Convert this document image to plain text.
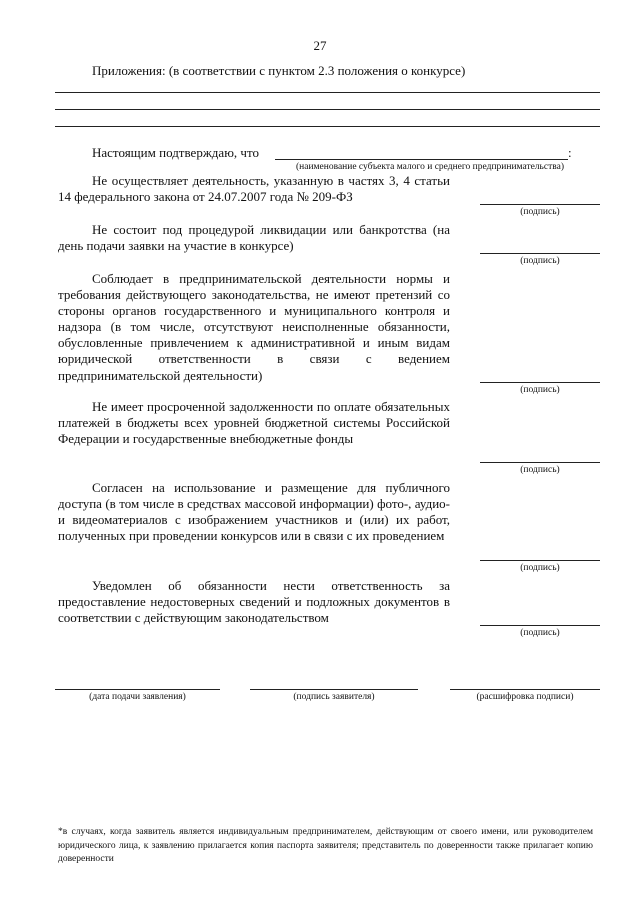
27
Приложения: (в соответствии с пунктом 2.3 положения о конкурсе)
Настоящим подтверждаю, что	:
(наименование субъекта малого и среднего предпринимательства)
Не осуществляет деятельность, указанную в частях 3, 4 статьи 14 федерального закона от 24.07.2007 года № 209-ФЗ
(подпись)
Не состоит под процедурой ликвидации или банкротства (на день подачи заявки на участие в конкурсе)
(подпись)
Соблюдает в предпринимательской деятельности нормы и требования действующего законодательства, не имеют претензий со стороны органов государственного и муниципального контроля и надзора (в том числе, отсутствуют неисполненные обязанности, обусловленные привлечением к административной и иным видам юридической ответственности в связи с ведением предпринимательской деятельности)
(подпись)
Не имеет просроченной задолженности по оплате обязательных платежей в бюджеты всех уровней бюджетной системы Российской Федерации и государственные внебюджетные фонды
(подпись)
Согласен на использование и размещение для публичного доступа (в том числе в средствах массовой информации) фото-, аудио- и видеоматериалов с изображением участников и (или) их работ, полученных при проведении конкурсов или в связи с их проведением
(подпись)
Уведомлен об обязанности нести ответственность за предоставление недостоверных сведений и подложных документов в соответствии с действующим законодательством
(подпись)
(дата подачи заявления)	(подпись заявителя)	(расшифровка подписи)
*в случаях, когда заявитель является индивидуальным предпринимателем, действующим от своего имени, или руководителем юридического лица, к заявлению прилагается копия паспорта заявителя; представитель по доверенности также прилагает копию доверенности
